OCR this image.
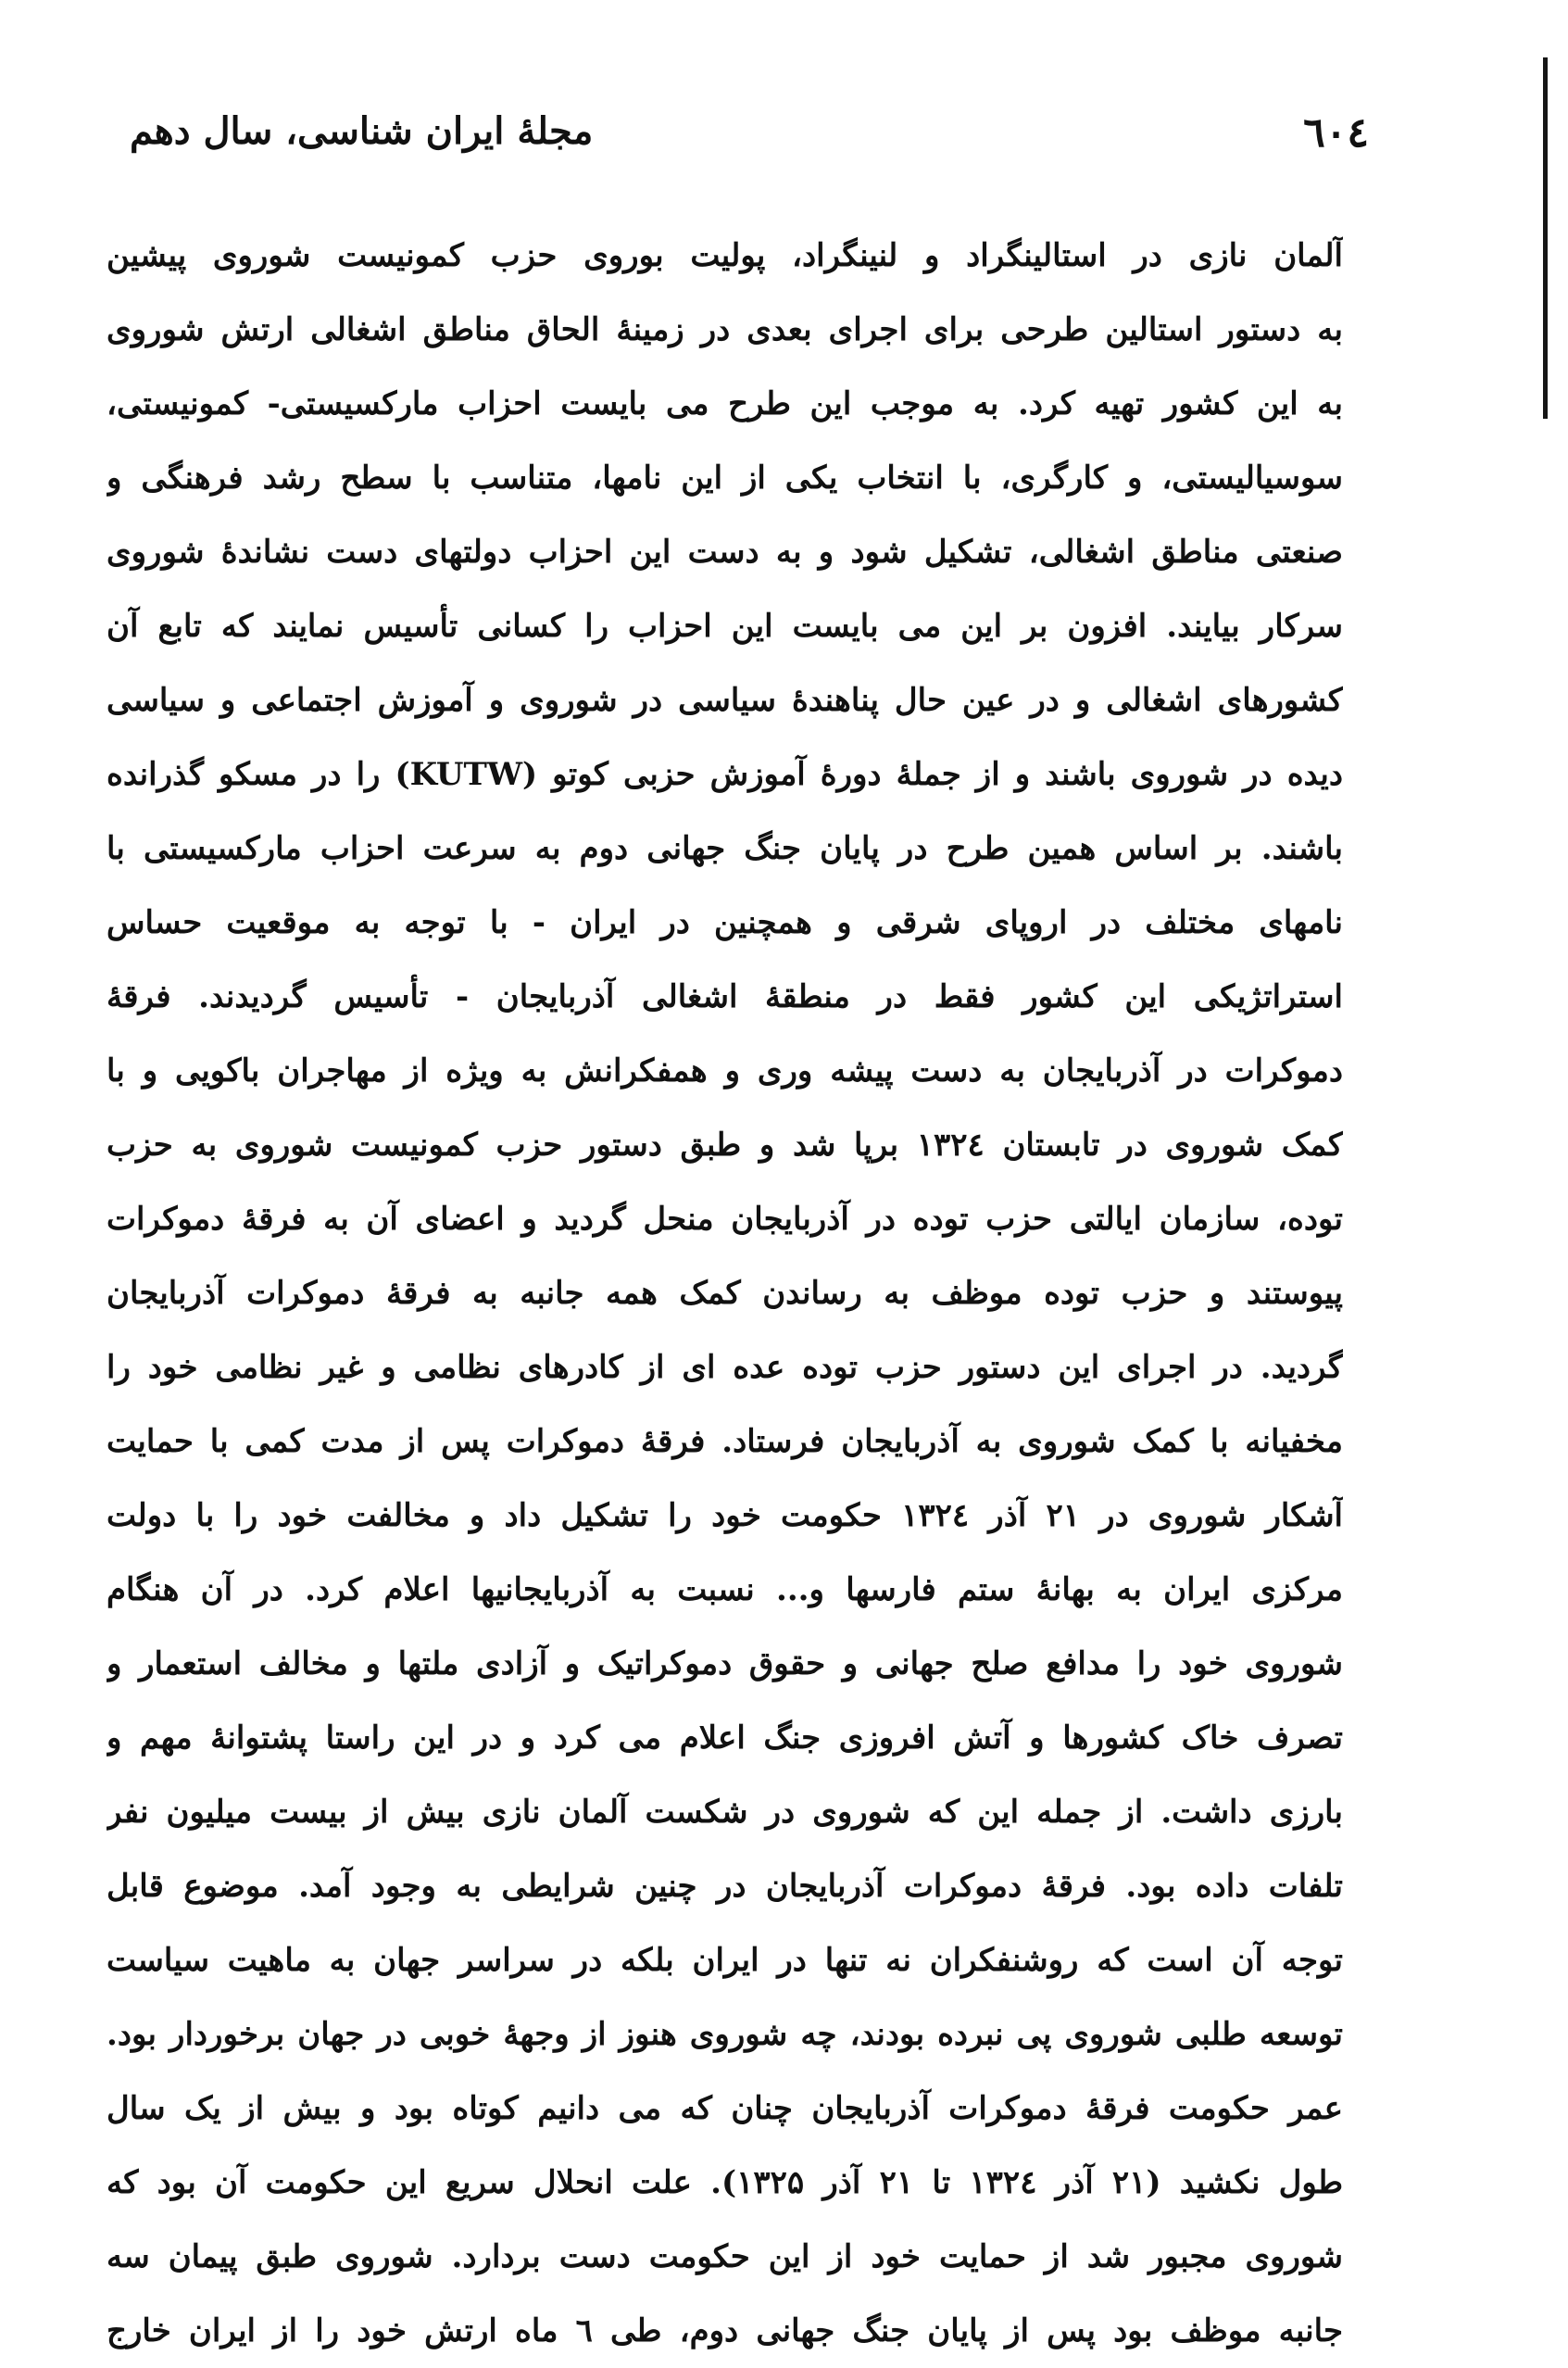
٦٠٤
مجلهٔ ایران شناسی، سال دهم
آلمان نازی در استالینگراد و لنینگراد، پولیت بوروی حزب کمونیست شوروی پیشین
به دستور استالین طرحی برای اجرای بعدی در زمینهٔ الحاق مناطق اشغالی ارتش شوروی
به این کشور تهیه کرد. به موجب این طرح می بایست احزاب مارکسیستی- کمونیستی،
سوسیالیستی، و کارگری، با انتخاب یکی از این نامها، متناسب با سطح رشد فرهنگی و
صنعتی مناطق اشغالی، تشکیل شود و به دست این احزاب دولتهای دست نشاندهٔ شوروی
سرکار بیایند. افزون بر این می بایست این احزاب را کسانی تأسیس نمایند که تابع آن
کشورهای اشغالی و در عین حال پناهندهٔ سیاسی در شوروی و آموزش اجتماعی و سیاسی
دیده در شوروی باشند و از جملهٔ دورهٔ آموزش حزبی کوتو (KUTW) را در مسکو گذرانده
باشند. بر اساس همین طرح در پایان جنگ جهانی دوم به سرعت احزاب مارکسیستی با
نامهای مختلف در اروپای شرقی و همچنین در ایران - با توجه به موقعیت حساس
استراتژیکی این کشور فقط در منطقهٔ اشغالی آذربایجان - تأسیس گردیدند. فرقهٔ
دموکرات در آذربایجان به دست پیشه وری و همفکرانش به ویژه از مهاجران باکویی و با
کمک شوروی در تابستان ۱۳۲٤ برپا شد و طبق دستور حزب کمونیست شوروی به حزب
توده، سازمان ایالتی حزب توده در آذربایجان منحل گردید و اعضای آن به فرقهٔ دموکرات
پیوستند و حزب توده موظف به رساندن کمک همه جانبه به فرقهٔ دموکرات آذربایجان
گردید. در اجرای این دستور حزب توده عده ای از کادرهای نظامی و غیر نظامی خود را
مخفیانه با کمک شوروی به آذربایجان فرستاد. فرقهٔ دموکرات پس از مدت کمی با حمایت
آشکار شوروی در ۲۱ آذر ۱۳۲٤ حکومت خود را تشکیل داد و مخالفت خود را با دولت
مرکزی ایران به بهانهٔ ستم فارسها و... نسبت به آذربایجانیها اعلام کرد. در آن هنگام
شوروی خود را مدافع صلح جهانی و حقوق دموکراتیک و آزادی ملتها و مخالف استعمار و
تصرف خاک کشورها و آتش افروزی جنگ اعلام می کرد و در این راستا پشتوانهٔ مهم و
بارزی داشت. از جمله این که شوروی در شکست آلمان نازی بیش از بیست میلیون نفر
تلفات داده بود. فرقهٔ دموکرات آذربایجان در چنین شرایطی به وجود آمد. موضوع قابل
توجه آن است که روشنفکران نه تنها در ایران بلکه در سراسر جهان به ماهیت سیاست
توسعه طلبی شوروی پی نبرده بودند، چه شوروی هنوز از وجههٔ خوبی در جهان برخوردار بود.
عمر حکومت فرقهٔ دموکرات آذربایجان چنان که می دانیم کوتاه بود و بیش از یک سال
طول نکشید (۲۱ آذر ۱۳۲٤ تا ۲۱ آذر ۱۳۲۵). علت انحلال سریع این حکومت آن بود که
شوروی مجبور شد از حمایت خود از این حکومت دست بردارد. شوروی طبق پیمان سه
جانبه موظف بود پس از پایان جنگ جهانی دوم، طی ٦ ماه ارتش خود را از ایران خارج
